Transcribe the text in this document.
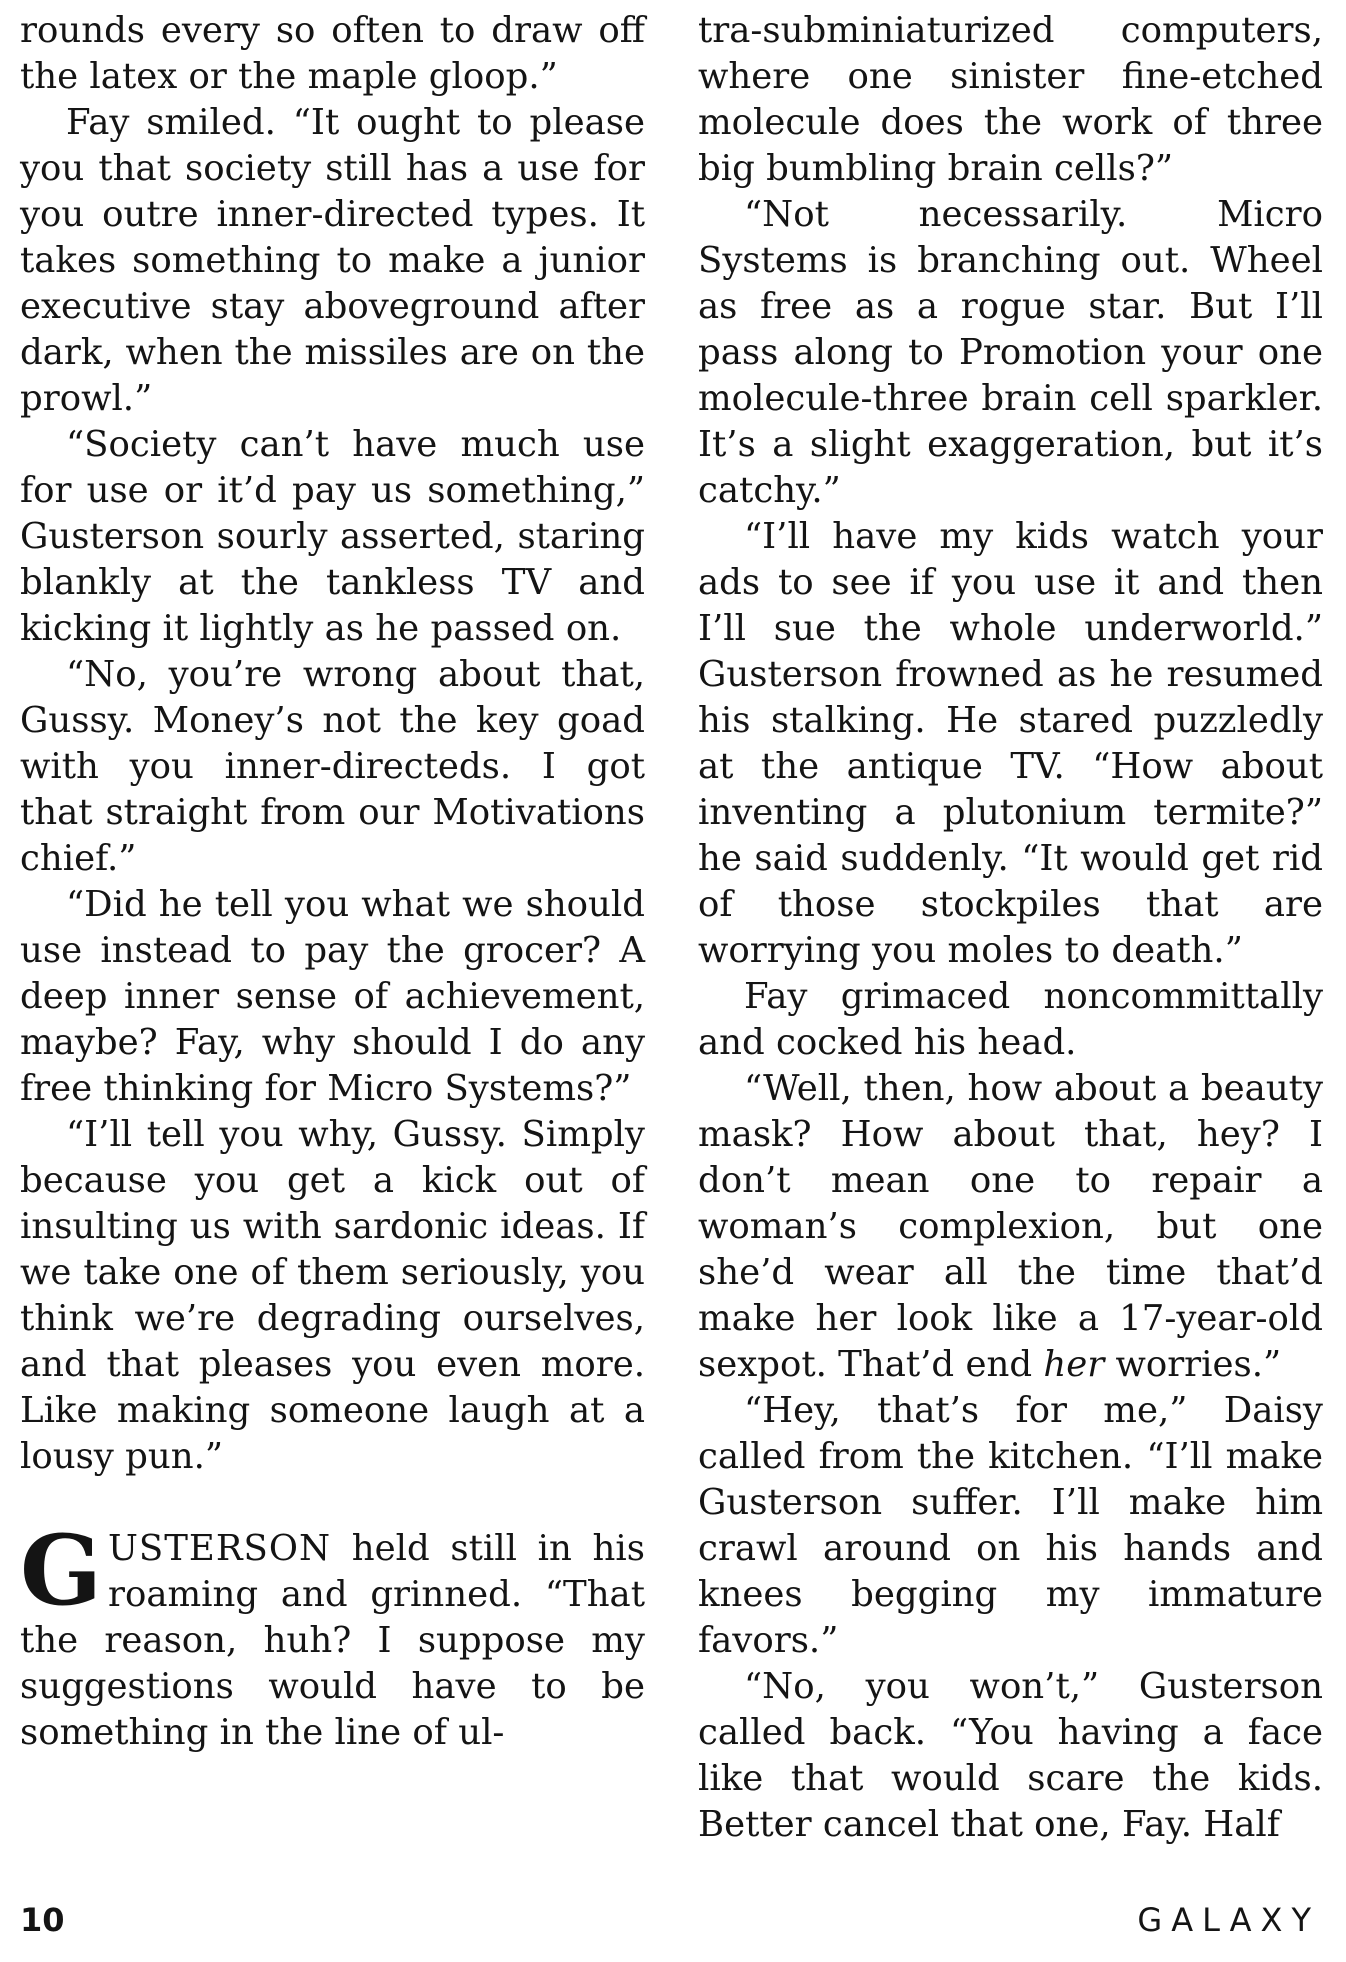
rounds every so often to draw off the latex or the maple gloop.”

Fay smiled. “It ought to please you that society still has a use for you outre inner-directed types. It takes something to make a junior executive stay aboveground after dark, when the missiles are on the prowl.”

“Society can’t have much use for use or it’d pay us something,” Gusterson sourly asserted, staring blankly at the tankless TV and kicking it lightly as he passed on.

“No, you’re wrong about that, Gussy. Money’s not the key goad with you inner-directeds. I got that straight from our Motivations chief.”

“Did he tell you what we should use instead to pay the grocer? A deep inner sense of achievement, maybe? Fay, why should I do any free thinking for Micro Systems?”

“I’ll tell you why, Gussy. Simply because you get a kick out of insulting us with sardonic ideas. If we take one of them seriously, you think we’re degrading ourselves, and that pleases you even more. Like making someone laugh at a lousy pun.”

GUSTERSON held still in his roaming and grinned. “That the reason, huh? I suppose my suggestions would have to be something in the line of ul-

tra-subminiaturized computers, where one sinister fine-etched molecule does the work of three big bumbling brain cells?”

“Not necessarily. Micro Systems is branching out. Wheel as free as a rogue star. But I’ll pass along to Promotion your one molecule-three brain cell sparkler. It’s a slight exaggeration, but it’s catchy.”

“I’ll have my kids watch your ads to see if you use it and then I’ll sue the whole underworld.” Gusterson frowned as he resumed his stalking. He stared puzzledly at the antique TV. “How about inventing a plutonium termite?” he said suddenly. “It would get rid of those stockpiles that are worrying you moles to death.”

Fay grimaced noncommittally and cocked his head.

“Well, then, how about a beauty mask? How about that, hey? I don’t mean one to repair a woman’s complexion, but one she’d wear all the time that’d make her look like a 17-year-old sexpot. That’d end her worries.”

“Hey, that’s for me,” Daisy called from the kitchen. “I’ll make Gusterson suffer. I’ll make him crawl around on his hands and knees begging my immature favors.”

“No, you won’t,” Gusterson called back. “You having a face like that would scare the kids. Better cancel that one, Fay. Half

10	GALAXY
